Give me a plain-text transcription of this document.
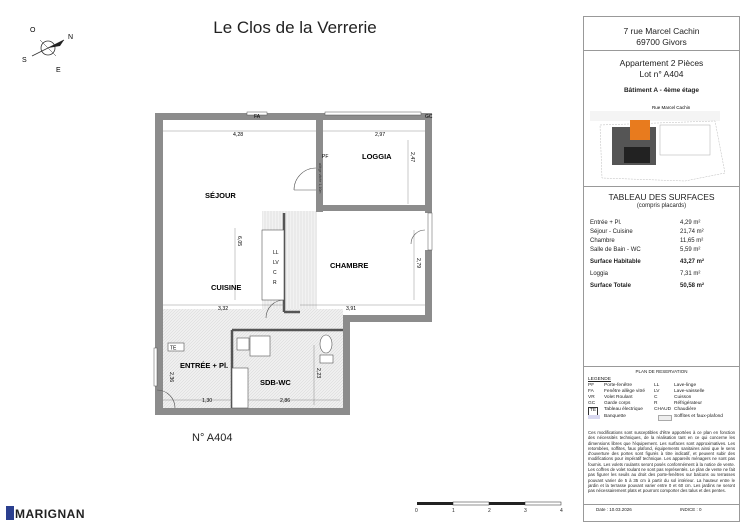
Le Clos de la Verrerie
N
S
O
E
TE
FA	GC
PF
LL
LV
C
R
SÉJOUR
LOGGIA
CHAMBRE
CUISINE
ENTRÉE + Pl.
SDB-WC
4,28	2,97
3,32	3,91
1,30	2,86
6,05
2,47
2,79
2,23
2,36
allège vitrée 1,10m
N° A404
MARIGNAN	0	1	2	3	4
7 rue Marcel Cachin
69700 Givors
Appartement 2 Pièces
Lot n° A404
Bâtiment A - 4ème étage
Rue Marcel Cachin
TABLEAU DES SURFACES
(compris placards)
Entrée + Pl.	4,29 m²
Séjour - Cuisine	21,74 m²
Chambre	11,65 m²
Salle de Bain - WC	5,59 m²
Surface Habitable	43,27 m²
Loggia	7,31 m²
Surface Totale	50,58 m²
PLAN DE RESERVATION
LEGENDE
PF Porte-fenêtre	LL	Lave-linge
FA Fenêtre allège vitré LV	Lave-vaisselle
VR Volet Roulant	C	Cuisson
GC Garde corps	R	Réfrigérateur
TE	Tableau électrique CHAUD Chaudière
Banquette	Soffites et faux-plafond
Ces modifications sont susceptibles d'être apportées à ce plan en fonction des nécessités techniques, de la réalisation tant en ce qui concerne les dimensions libres que l'équipement. Les surfaces sont approximatives. Les retombées, soffites, faux plafond, équipements sanitaires ainsi que le sens d'ouverture des portes sont figurés à titre indicatif, et peuvent subir des modifications pour impératif technique. Les appareils ménagers ne sont pas fournis. Les volets roulants seront posés conformément à la notice de vente. Les coffres de volet roulant ne sont pas représentés. Le plan de vente ne fait pas figurer les seuils au droit des porte-fenêtres sur balcons ou terrasses pouvant varier de 5 à 35 cm à partir du sol intérieur. La hauteur entre le jardin et la terrasse pouvant varier entre 0 et 60 cm. Les jardins ne seront pas nécessairement plats et pourront comporter des talus et des pentes.
Date : 10.03.2026	INDICE : 0
